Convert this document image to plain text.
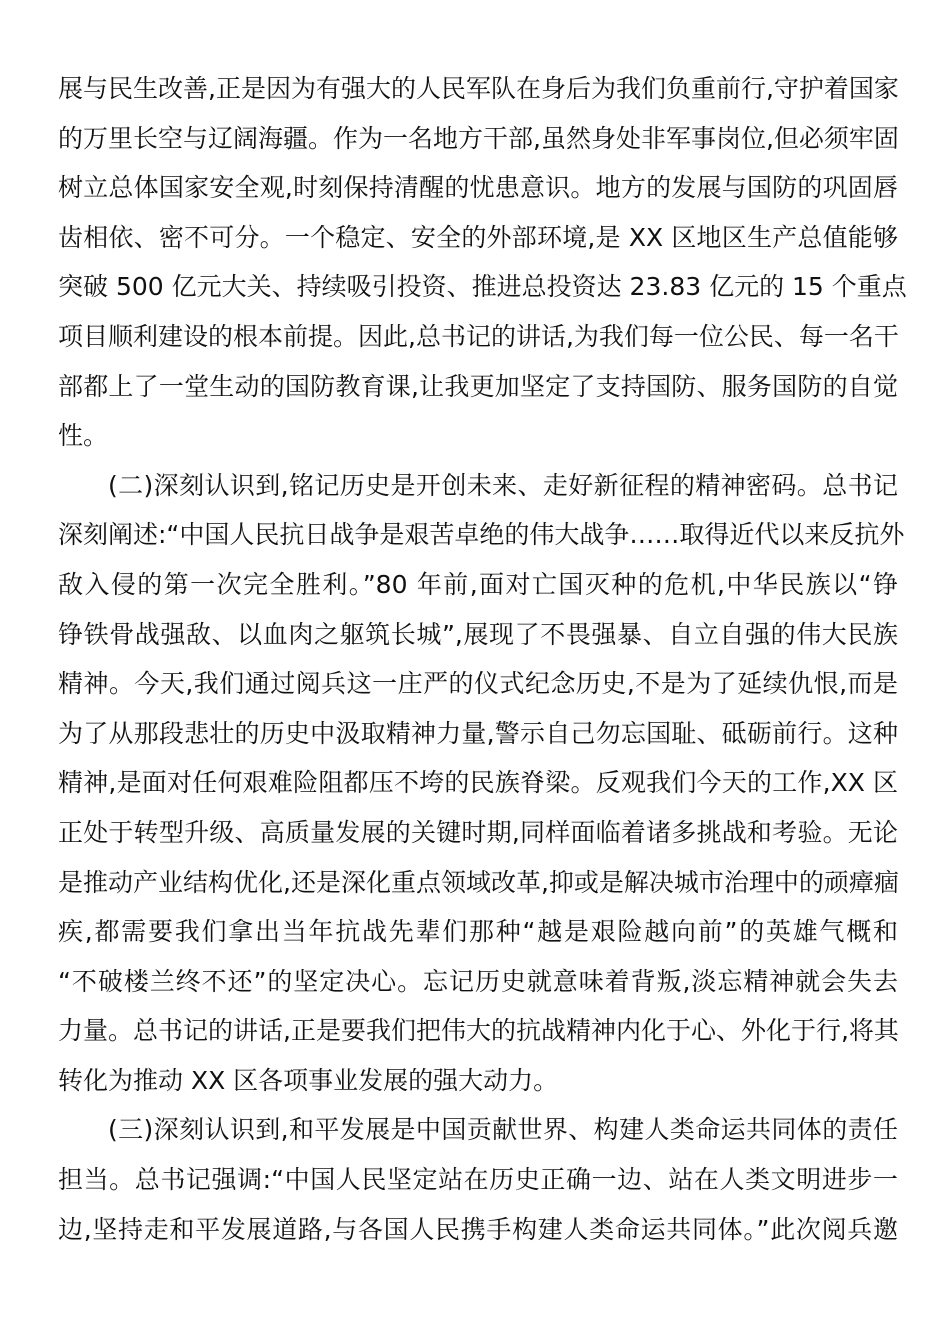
展与民生改善,正是因为有强大的人民军队在身后为我们负重前行,守护着国家
的万里长空与辽阔海疆。作为一名地方干部,虽然身处非军事岗位,但必须牢固
树立总体国家安全观,时刻保持清醒的忧患意识。地方的发展与国防的巩固唇
齿相依、密不可分。一个稳定、安全的外部环境,是 XX 区地区生产总值能够
突破 500 亿元大关、持续吸引投资、推进总投资达 23.83 亿元的 15 个重点
项目顺利建设的根本前提。因此,总书记的讲话,为我们每一位公民、每一名干
部都上了一堂生动的国防教育课,让我更加坚定了支持国防、服务国防的自觉
性。
(二)深刻认识到,铭记历史是开创未来、走好新征程的精神密码。总书记
深刻阐述:“中国人民抗日战争是艰苦卓绝的伟大战争……取得近代以来反抗外
敌入侵的第一次完全胜利。”80 年前,面对亡国灭种的危机,中华民族以“铮
铮铁骨战强敌、以血肉之躯筑长城”,展现了不畏强暴、自立自强的伟大民族
精神。今天,我们通过阅兵这一庄严的仪式纪念历史,不是为了延续仇恨,而是
为了从那段悲壮的历史中汲取精神力量,警示自己勿忘国耻、砥砺前行。这种
精神,是面对任何艰难险阻都压不垮的民族脊梁。反观我们今天的工作,XX 区
正处于转型升级、高质量发展的关键时期,同样面临着诸多挑战和考验。无论
是推动产业结构优化,还是深化重点领域改革,抑或是解决城市治理中的顽瘴痼
疾,都需要我们拿出当年抗战先辈们那种“越是艰险越向前”的英雄气概和
“不破楼兰终不还”的坚定决心。忘记历史就意味着背叛,淡忘精神就会失去
力量。总书记的讲话,正是要我们把伟大的抗战精神内化于心、外化于行,将其
转化为推动 XX 区各项事业发展的强大动力。
(三)深刻认识到,和平发展是中国贡献世界、构建人类命运共同体的责任
担当。总书记强调:“中国人民坚定站在历史正确一边、站在人类文明进步一
边,坚持走和平发展道路,与各国人民携手构建人类命运共同体。”此次阅兵邀
